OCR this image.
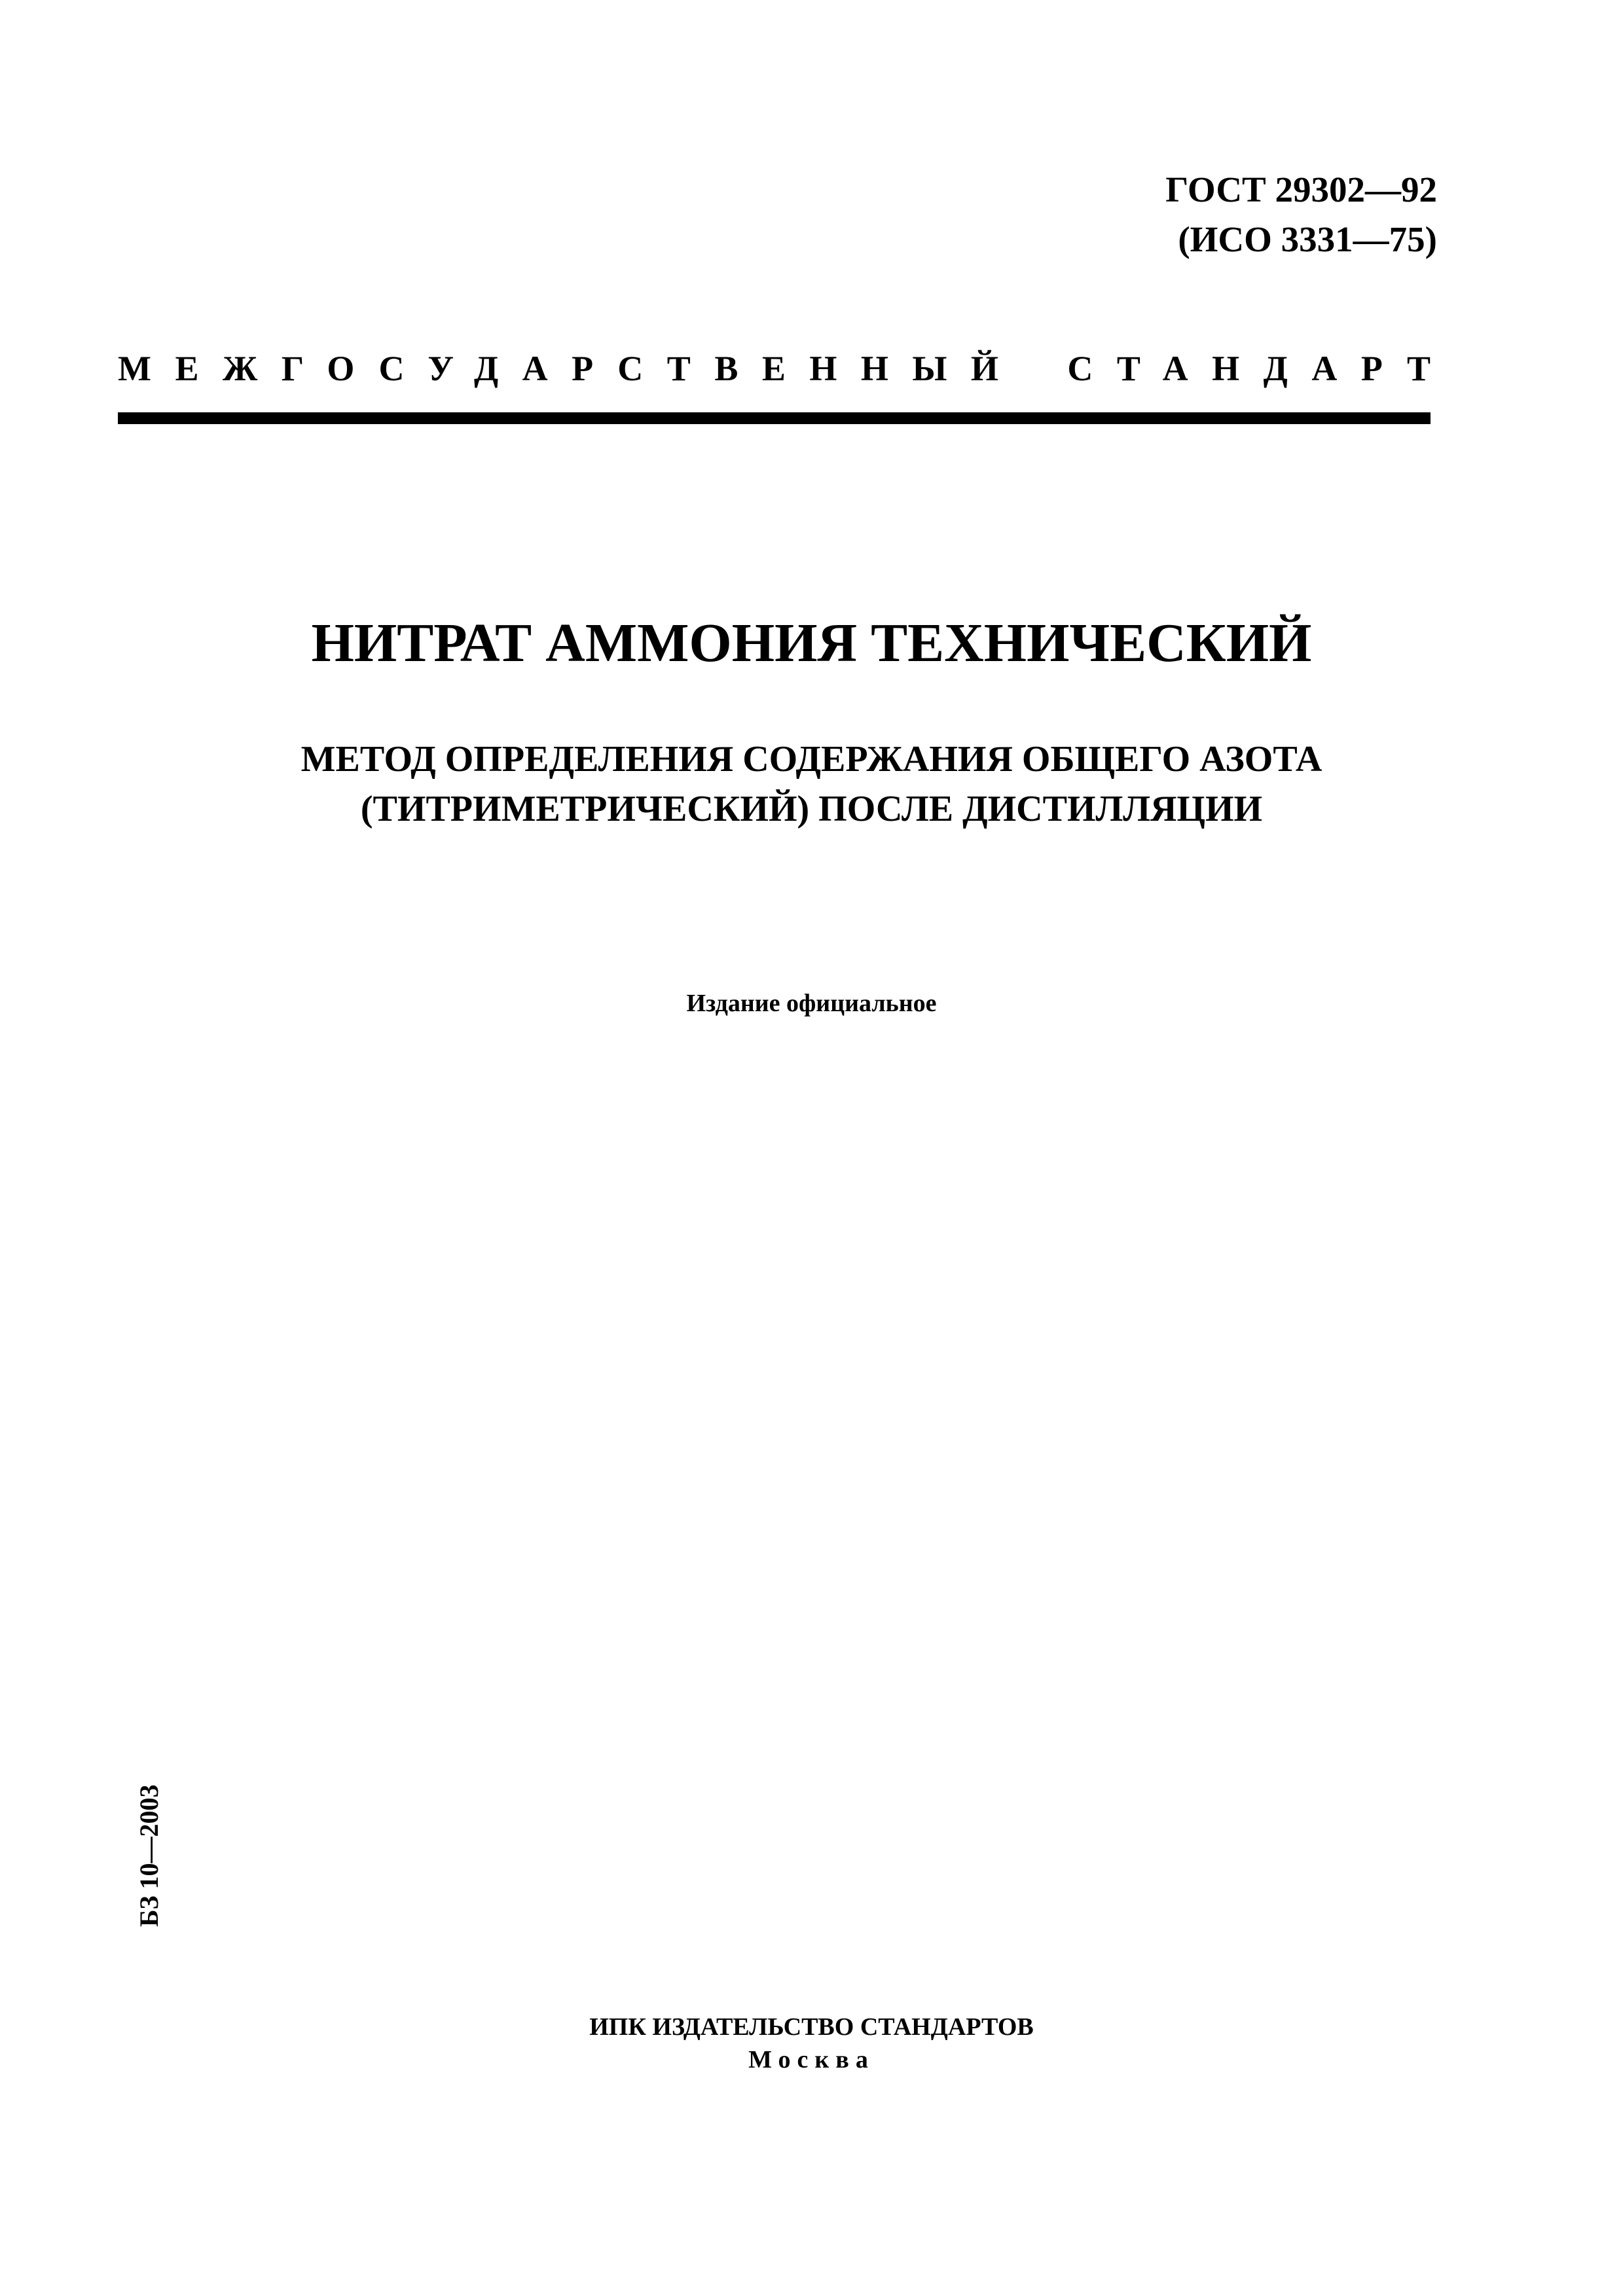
ГОСТ 29302—92
(ИСО 3331—75)
МЕЖГОСУДАРСТВЕННЫЙ СТАНДАРТ
НИТРАТ АММОНИЯ ТЕХНИЧЕСКИЙ
МЕТОД ОПРЕДЕЛЕНИЯ СОДЕРЖАНИЯ ОБЩЕГО АЗОТА
(ТИТРИМЕТРИЧЕСКИЙ) ПОСЛЕ ДИСТИЛЛЯЦИИ
Издание официальное
БЗ 10—2003
ИПК ИЗДАТЕЛЬСТВО СТАНДАРТОВ
Москва
